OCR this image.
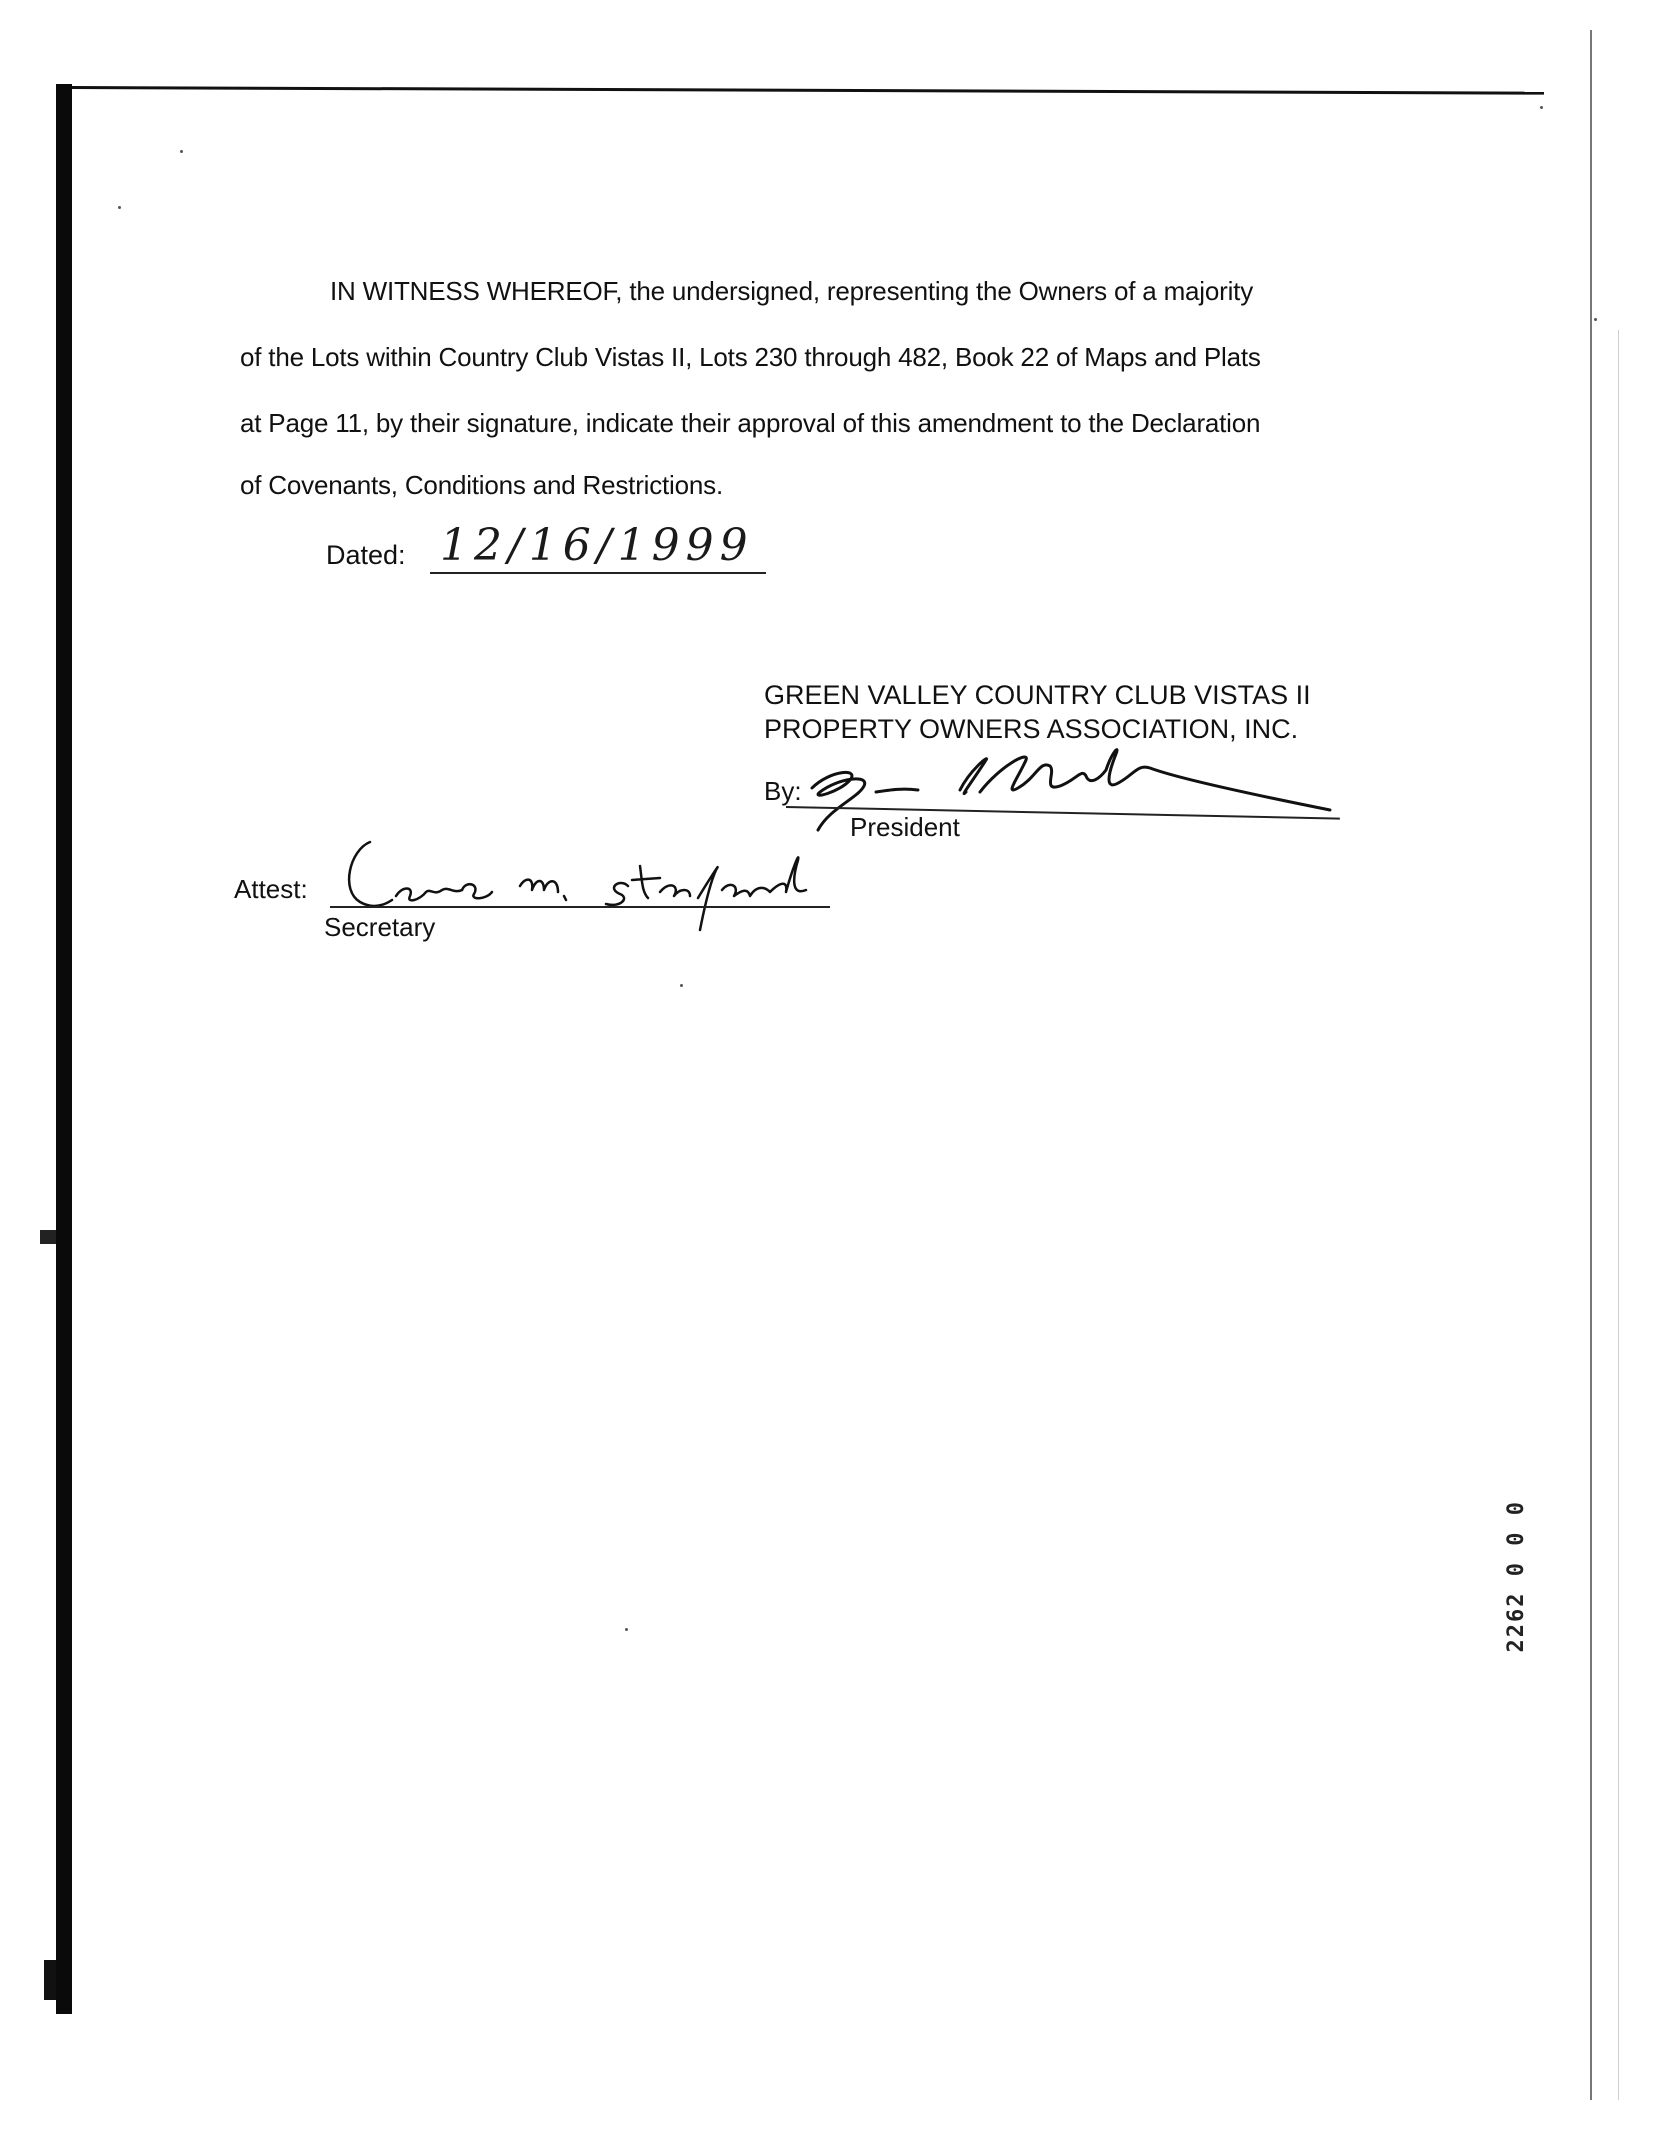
IN WITNESS WHEREOF, the undersigned, representing the Owners of a majority
of the Lots within Country Club Vistas II, Lots 230 through 482, Book 22 of Maps and Plats
at Page 11, by their signature, indicate their approval of this amendment to the Declaration
of Covenants, Conditions and Restrictions.
Dated: 12/16/1999
GREEN VALLEY COUNTRY CLUB VISTAS II
PROPERTY OWNERS ASSOCIATION, INC.
By:
President
Attest:
Secretary
2262 0 0 0
